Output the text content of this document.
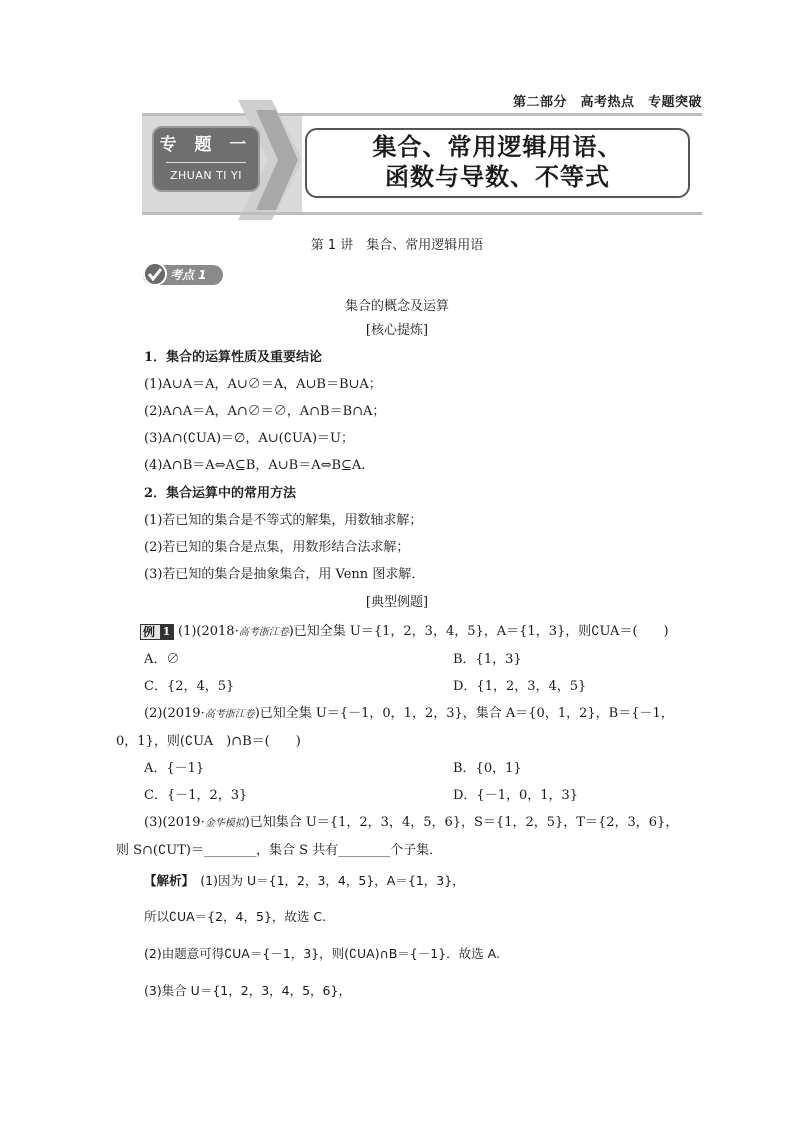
第二部分　高考热点　专题突破
专 题 一
ZHUAN TI YI
集合、常用逻辑用语、
函数与导数、不等式
第 1 讲　集合、常用逻辑用语
考点 1
集合的概念及运算
[核心提炼]
1．集合的运算性质及重要结论
(1)A∪A＝A，A∪∅＝A，A∪B＝B∪A；
(2)A∩A＝A，A∩∅＝∅，A∩B＝B∩A；
(3)A∩(∁UA)＝∅，A∪(∁UA)＝U；
(4)A∩B＝A⇔A⊆B，A∪B＝A⇔B⊆A.
2．集合运算中的常用方法
(1)若已知的集合是不等式的解集，用数轴求解；
(2)若已知的集合是点集，用数形结合法求解；
(3)若已知的集合是抽象集合，用 Venn 图求解．
[典型例题]
例 1 (1)(2018·高考浙江卷)已知全集 U＝{1，2，3，4，5}，A＝{1，3}，则∁UA＝(　　)
A．∅	B．{1，3}
C．{2，4，5}	D．{1，2，3，4，5}
(2)(2019·高考浙江卷)已知全集 U＝{－1，0，1，2，3}，集合 A＝{0，1，2}，B＝{－1，
0，1}，则(∁UA　)∩B＝(　　)
A．{－1}	B．{0，1}
C．{－1，2，3}	D．{－1，0，1，3}
(3)(2019·金华模拟)已知集合 U＝{1，2，3，4，5，6}，S＝{1，2，5}，T＝{2，3，6}，
则 S∩(∁UT)＝________，集合 S 共有________个子集．
【解析】　 (1)因为 U＝{1，2，3，4，5}，A＝{1，3}，
所以∁UA＝{2，4，5}，故选 C.
(2)由题意可得∁UA＝{－1，3}，则(∁UA)∩B＝{－1}．故选 A.
(3)集合 U＝{1，2，3，4，5，6}，
